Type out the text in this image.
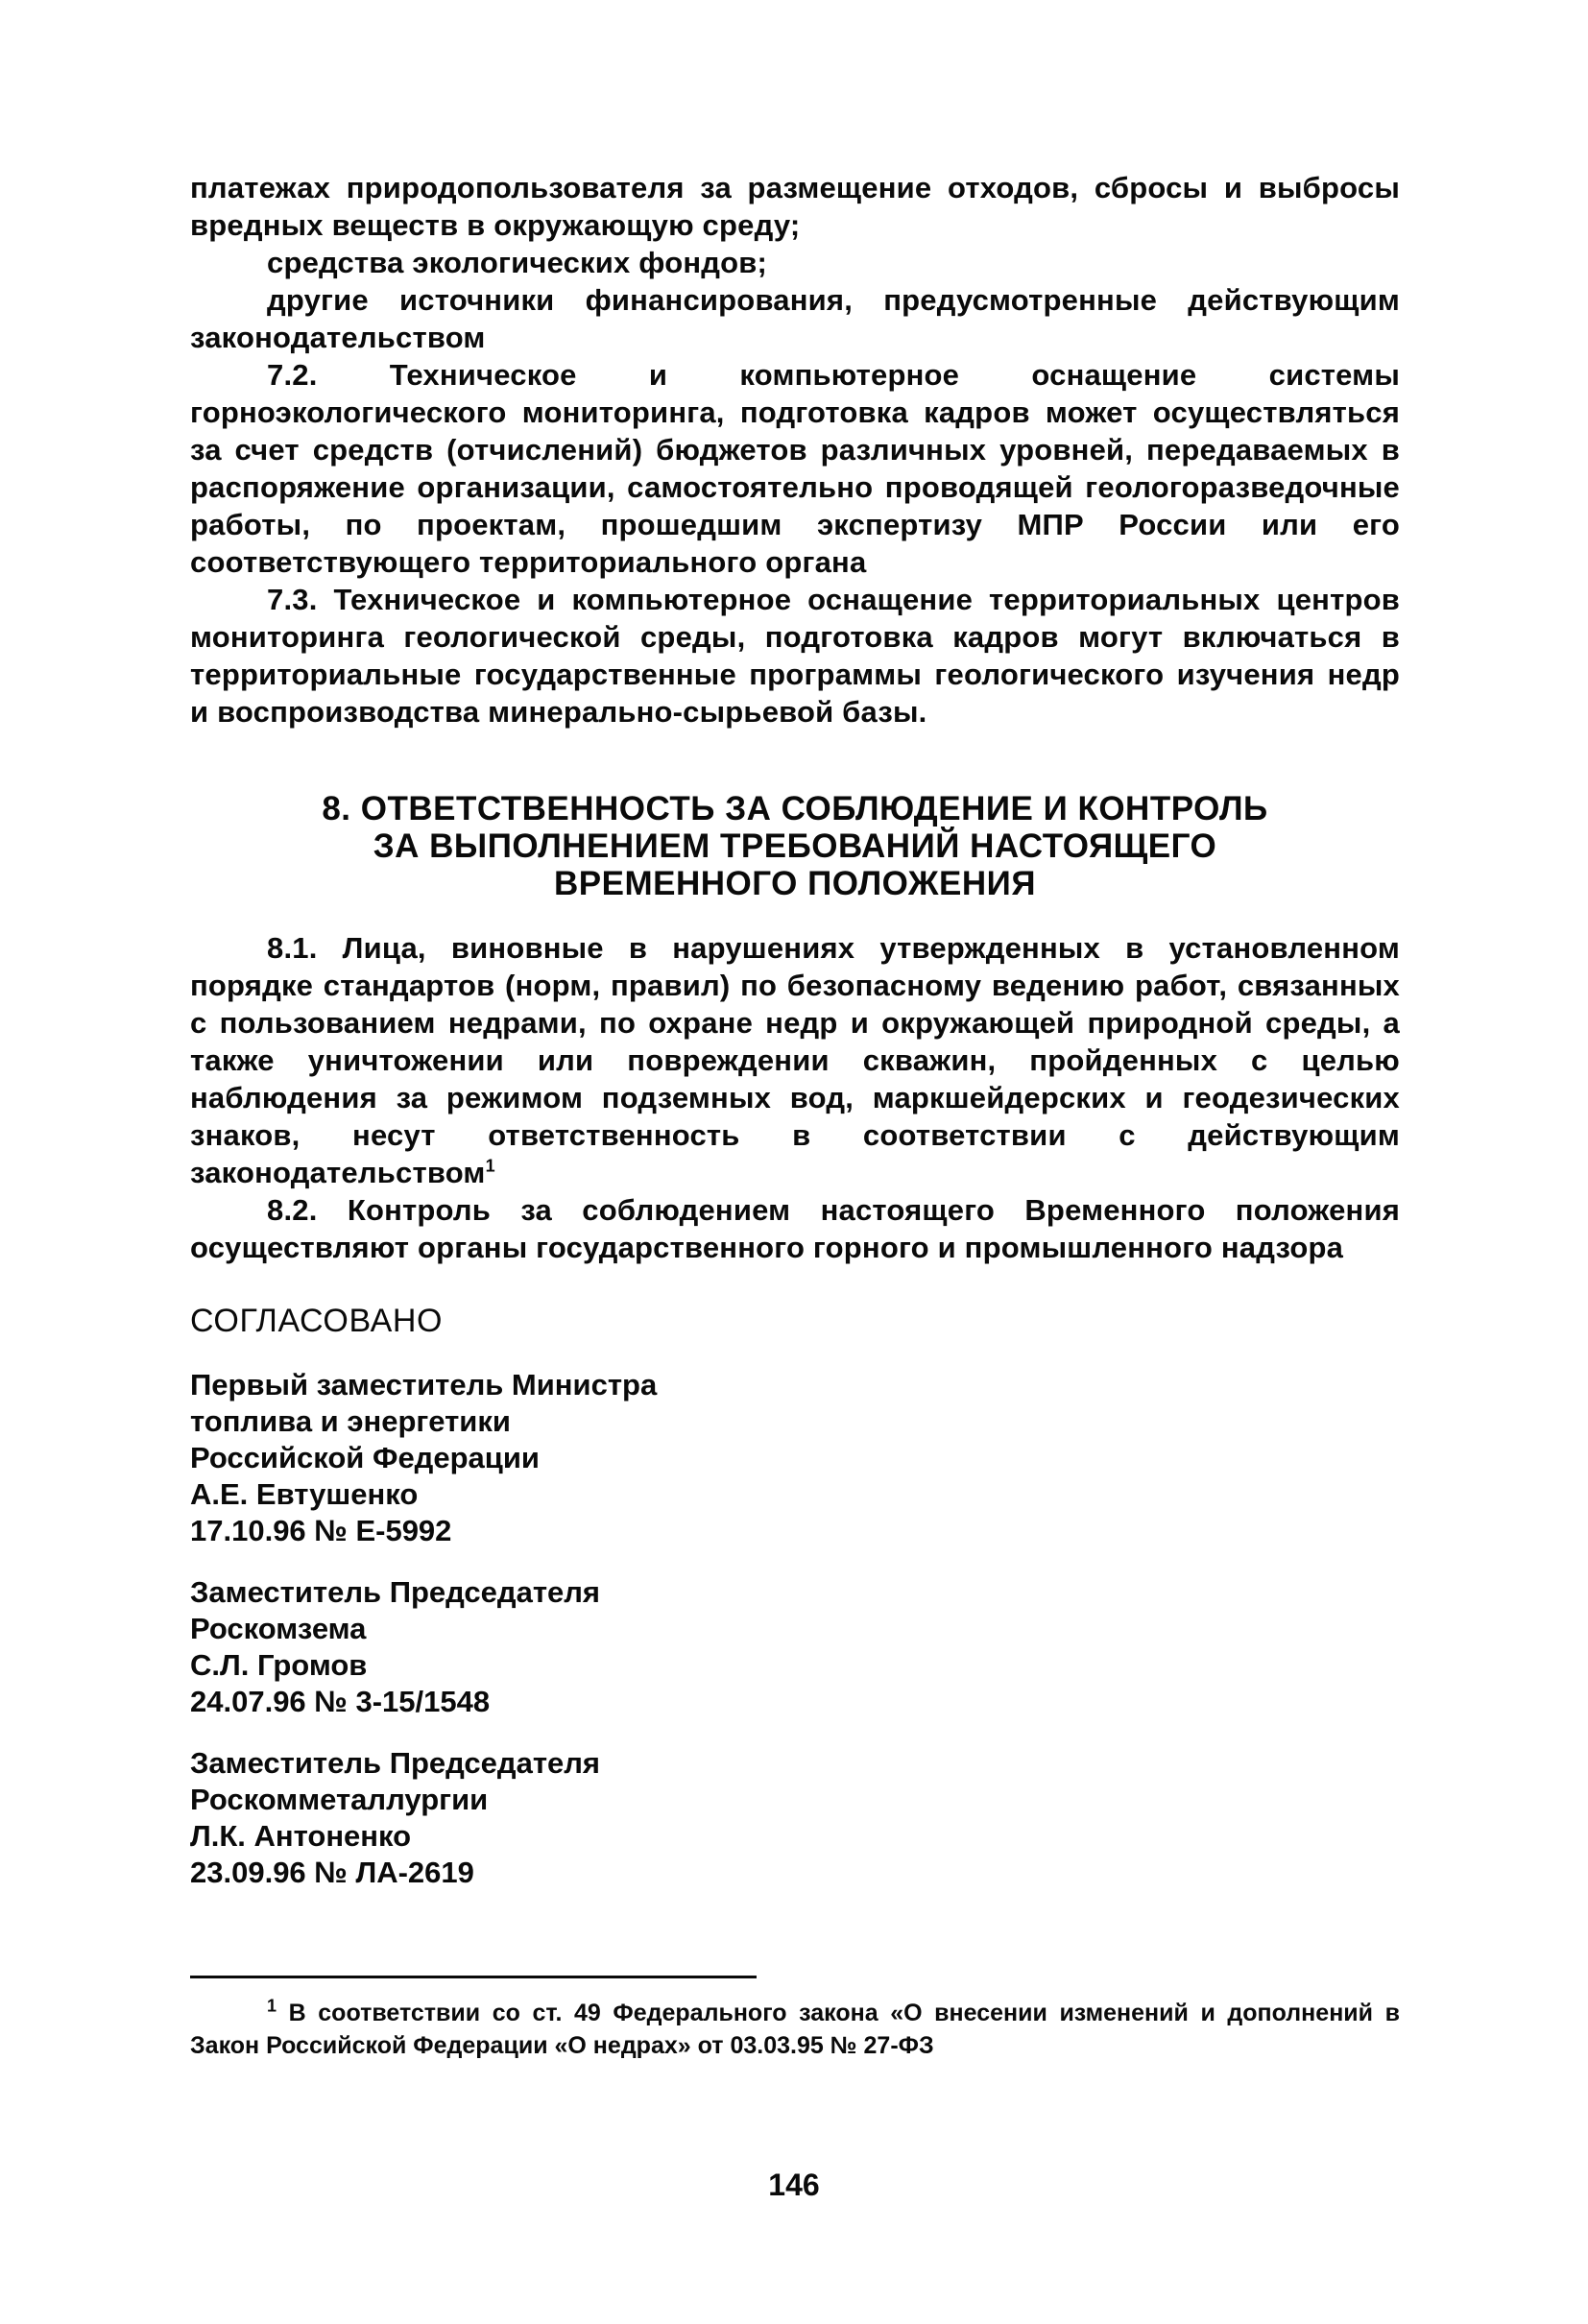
платежах природопользователя за размещение отходов, сбросы и выбросы вредных веществ в окружающую среду;

средства экологических фондов;

другие источники финансирования, предусмотренные действующим законодательством

7.2. Техническое и компьютерное оснащение системы горноэкологического мониторинга, подготовка кадров может осуществляться за счет средств (отчислений) бюджетов различных уровней, передаваемых в распоряжение организации, самостоятельно проводящей геологоразведочные работы, по проектам, прошедшим экспертизу МПР России или его соответствующего территориального органа

7.3. Техническое и компьютерное оснащение территориальных центров мониторинга геологической среды, подготовка кадров могут включаться в территориальные государственные программы геологического изучения недр и воспроизводства минерально-сырьевой базы.

8. ОТВЕТСТВЕННОСТЬ ЗА СОБЛЮДЕНИЕ И КОНТРОЛЬ
ЗА ВЫПОЛНЕНИЕМ ТРЕБОВАНИЙ НАСТОЯЩЕГО
ВРЕМЕННОГО ПОЛОЖЕНИЯ

8.1. Лица, виновные в нарушениях утвержденных в установленном порядке стандартов (норм, правил) по безопасному ведению работ, связанных с пользованием недрами, по охране недр и окружающей природной среды, а также уничтожении или повреждении скважин, пройденных с целью наблюдения за режимом подземных вод, маркшейдерских и геодезических знаков, несут ответственность в соответствии с действующим законодательством$^1$

8.2. Контроль за соблюдением настоящего Временного положения осуществляют органы государственного горного и промышленного надзора

СОГЛАСОВАНО
Первый заместитель Министра
топлива и энергетики
Российской Федерации
А.Е. Евтушенко
17.10.96 № Е-5992
Заместитель Председателя
Роскомзема
С.Л. Громов
24.07.96 № 3-15/1548
Заместитель Председателя
Роскомметаллургии
Л.К. Антоненко
23.09.96 № ЛА-2619
$^1$ В соответствии со ст. 49 Федерального закона «О внесении изменений и дополнений в Закон Российской Федерации «О недрах» от 03.03.95 № 27-ФЗ
146
